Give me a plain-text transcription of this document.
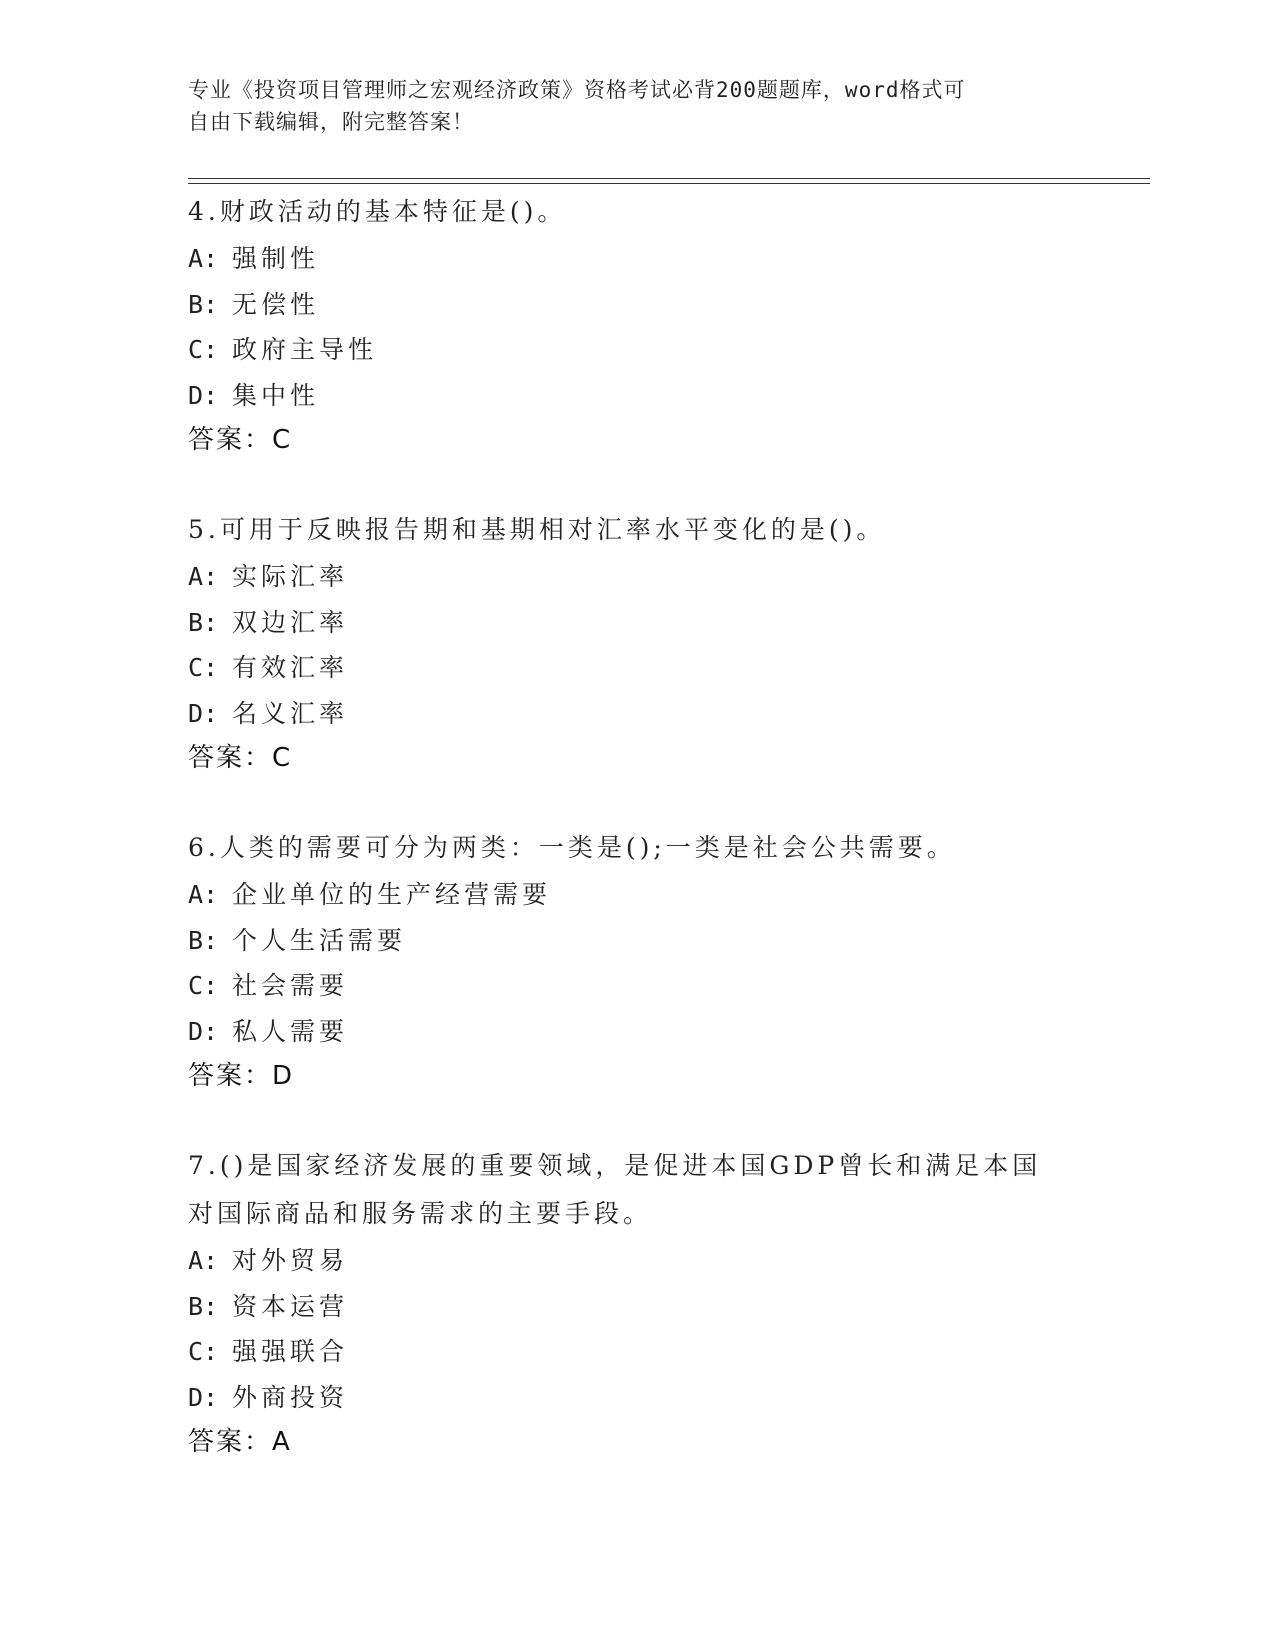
专业《投资项目管理师之宏观经济政策》资格考试必背200题题库，word格式可
自由下载编辑，附完整答案！
4.财政活动的基本特征是()。
A: 强制性
B: 无偿性
C: 政府主导性
D: 集中性
答案：C
5.可用于反映报告期和基期相对汇率水平变化的是()。
A: 实际汇率
B: 双边汇率
C: 有效汇率
D: 名义汇率
答案：C
6.人类的需要可分为两类：一类是();一类是社会公共需要。
A: 企业单位的生产经营需要
B: 个人生活需要
C: 社会需要
D: 私人需要
答案：D
7.()是国家经济发展的重要领域，是促进本国GDP曾长和满足本国对国际商品和服务需求的主要手段。
A: 对外贸易
B: 资本运营
C: 强强联合
D: 外商投资
答案：A
